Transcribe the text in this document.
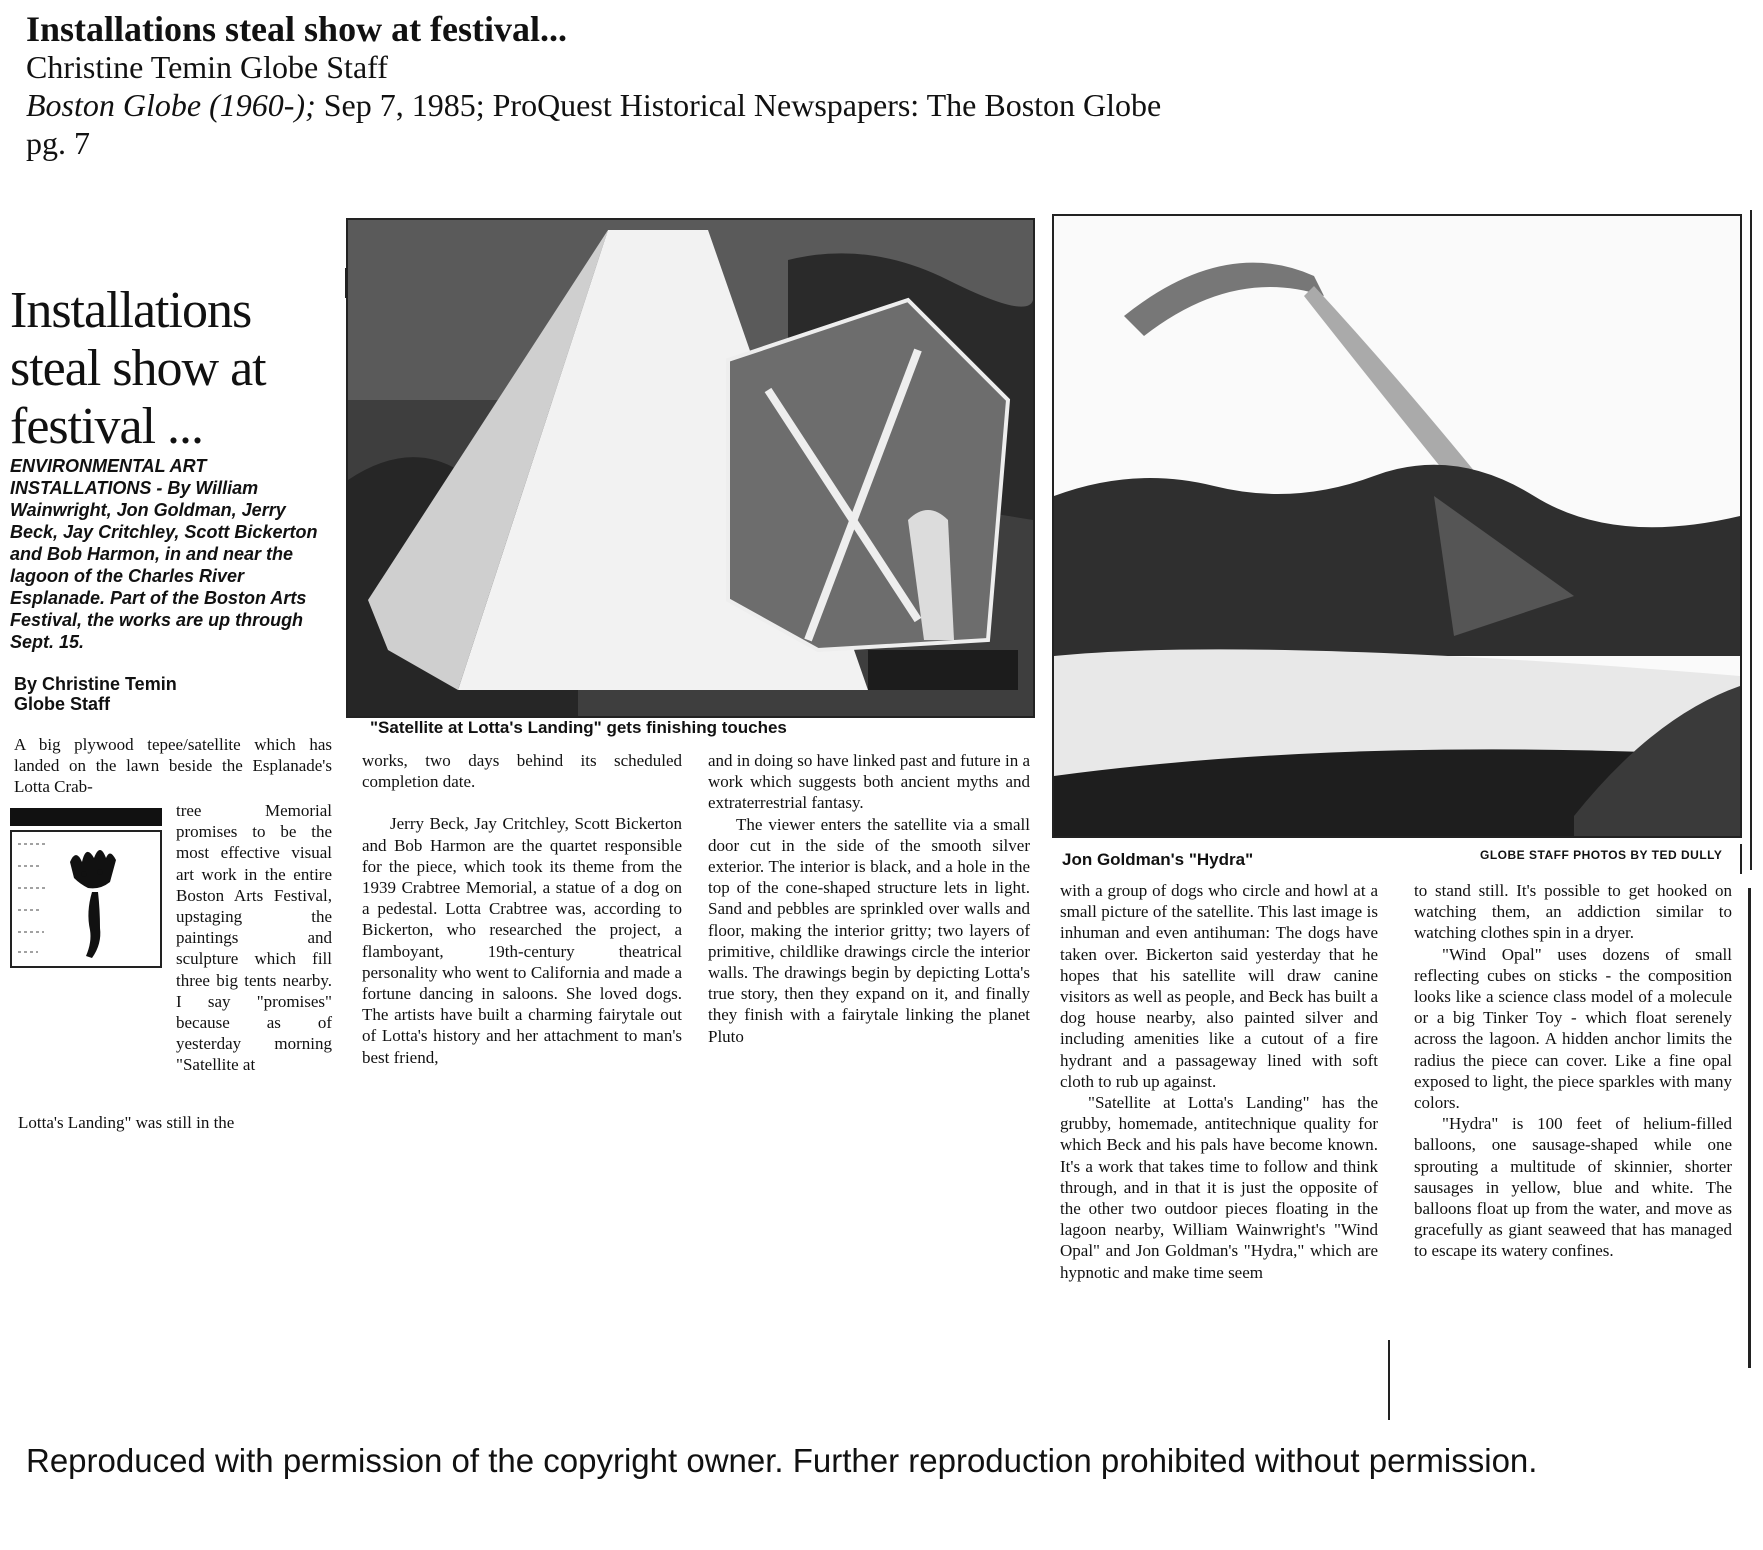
Installations steal show at festival...
Christine Temin Globe Staff
Boston Globe (1960-); Sep 7, 1985; ProQuest Historical Newspapers: The Boston Globe
pg. 7
Installations steal show at festival ...
ENVIRONMENTAL ART INSTALLATIONS - By William Wainwright, Jon Goldman, Jerry Beck, Jay Critchley, Scott Bickerton and Bob Harmon, in and near the lagoon of the Charles River Esplanade. Part of the Boston Arts Festival, the works are up through Sept. 15.
By Christine Temin
Globe Staff

A big plywood tepee/satellite which has landed on the lawn beside the Esplanade's Lotta Crab-

tree Memorial promises to be the most effective visual art work in the entire Boston Arts Festival, upstaging the paintings and sculpture which fill three big tents nearby. I say "promises" because as of yesterday morning "Satellite at

Lotta's Landing" was still in the

"Satellite at Lotta's Landing" gets finishing touches

works, two days behind its scheduled completion date.

Jerry Beck, Jay Critchley, Scott Bickerton and Bob Harmon are the quartet responsible for the piece, which took its theme from the 1939 Crabtree Memorial, a statue of a dog on a pedestal. Lotta Crabtree was, according to Bickerton, who researched the project, a flamboyant, 19th-century theatrical personality who went to California and made a fortune dancing in saloons. She loved dogs. The artists have built a charming fairytale out of Lotta's history and her attachment to man's best friend,

and in doing so have linked past and future in a work which suggests both ancient myths and extraterrestrial fantasy.

The viewer enters the satellite via a small door cut in the side of the smooth silver exterior. The interior is black, and a hole in the top of the cone-shaped structure lets in light. Sand and pebbles are sprinkled over walls and floor, making the interior gritty; two layers of primitive, childlike drawings circle the interior walls. The drawings begin by depicting Lotta's true story, then they expand on it, and finally they finish with a fairytale linking the planet Pluto

Jon Goldman's "Hydra"	GLOBE STAFF PHOTOS BY TED DULLY

with a group of dogs who circle and howl at a small picture of the satellite. This last image is inhuman and even antihuman: The dogs have taken over. Bickerton said yesterday that he hopes that his satellite will draw canine visitors as well as people, and Beck has built a dog house nearby, also painted silver and including amenities like a cutout of a fire hydrant and a passageway lined with soft cloth to rub up against.

"Satellite at Lotta's Landing" has the grubby, homemade, antitechnique quality for which Beck and his pals have become known. It's a work that takes time to follow and think through, and in that it is just the opposite of the other two outdoor pieces floating in the lagoon nearby, William Wainwright's "Wind Opal" and Jon Goldman's "Hydra," which are hypnotic and make time seem

to stand still. It's possible to get hooked on watching them, an addiction similar to watching clothes spin in a dryer.

"Wind Opal" uses dozens of small reflecting cubes on sticks - the composition looks like a science class model of a molecule or a big Tinker Toy - which float serenely across the lagoon. A hidden anchor limits the radius the piece can cover. Like a fine opal exposed to light, the piece sparkles with many colors.

"Hydra" is 100 feet of helium-filled balloons, one sausage-shaped while one sprouting a multitude of skinnier, shorter sausages in yellow, blue and white. The balloons float up from the water, and move as gracefully as giant seaweed that has managed to escape its watery confines.

Reproduced with permission of the copyright owner. Further reproduction prohibited without permission.
